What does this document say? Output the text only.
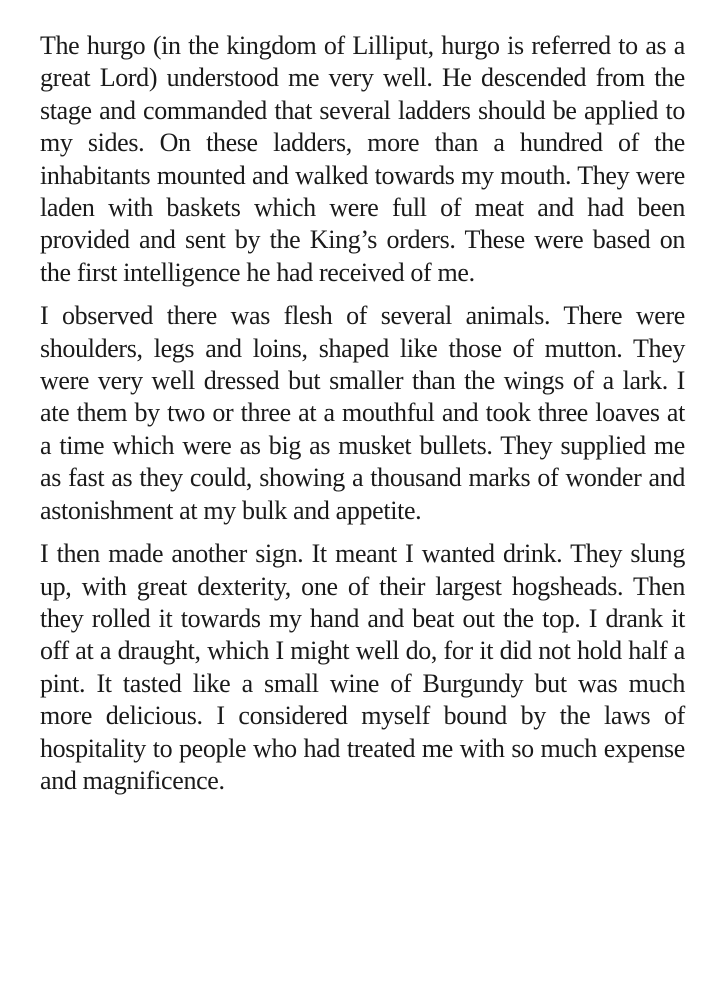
The hurgo (in the kingdom of Lilliput, hurgo is referred to as a great Lord) understood me very well. He descended from the stage and commanded that several ladders should be applied to my sides. On these ladders, more than a hundred of the inhabitants mounted and walked towards my mouth. They were laden with baskets which were full of meat and had been provided and sent by the King’s orders. These were based on the first intelligence he had received of me.

I observed there was flesh of several animals. There were shoulders, legs and loins, shaped like those of mutton. They were very well dressed but smaller than the wings of a lark. I ate them by two or three at a mouthful and took three loaves at a time which were as big as musket bullets. They supplied me as fast as they could, showing a thousand marks of wonder and astonishment at my bulk and appetite.

I then made another sign. It meant I wanted drink. They slung up, with great dexterity, one of their largest hogsheads. Then they rolled it towards my hand and beat out the top. I drank it off at a draught, which I might well do, for it did not hold half a pint. It tasted like a small wine of Burgundy but was much more delicious. I considered myself bound by the laws of hospitality to people who had treated me with so much expense and magnificence.
